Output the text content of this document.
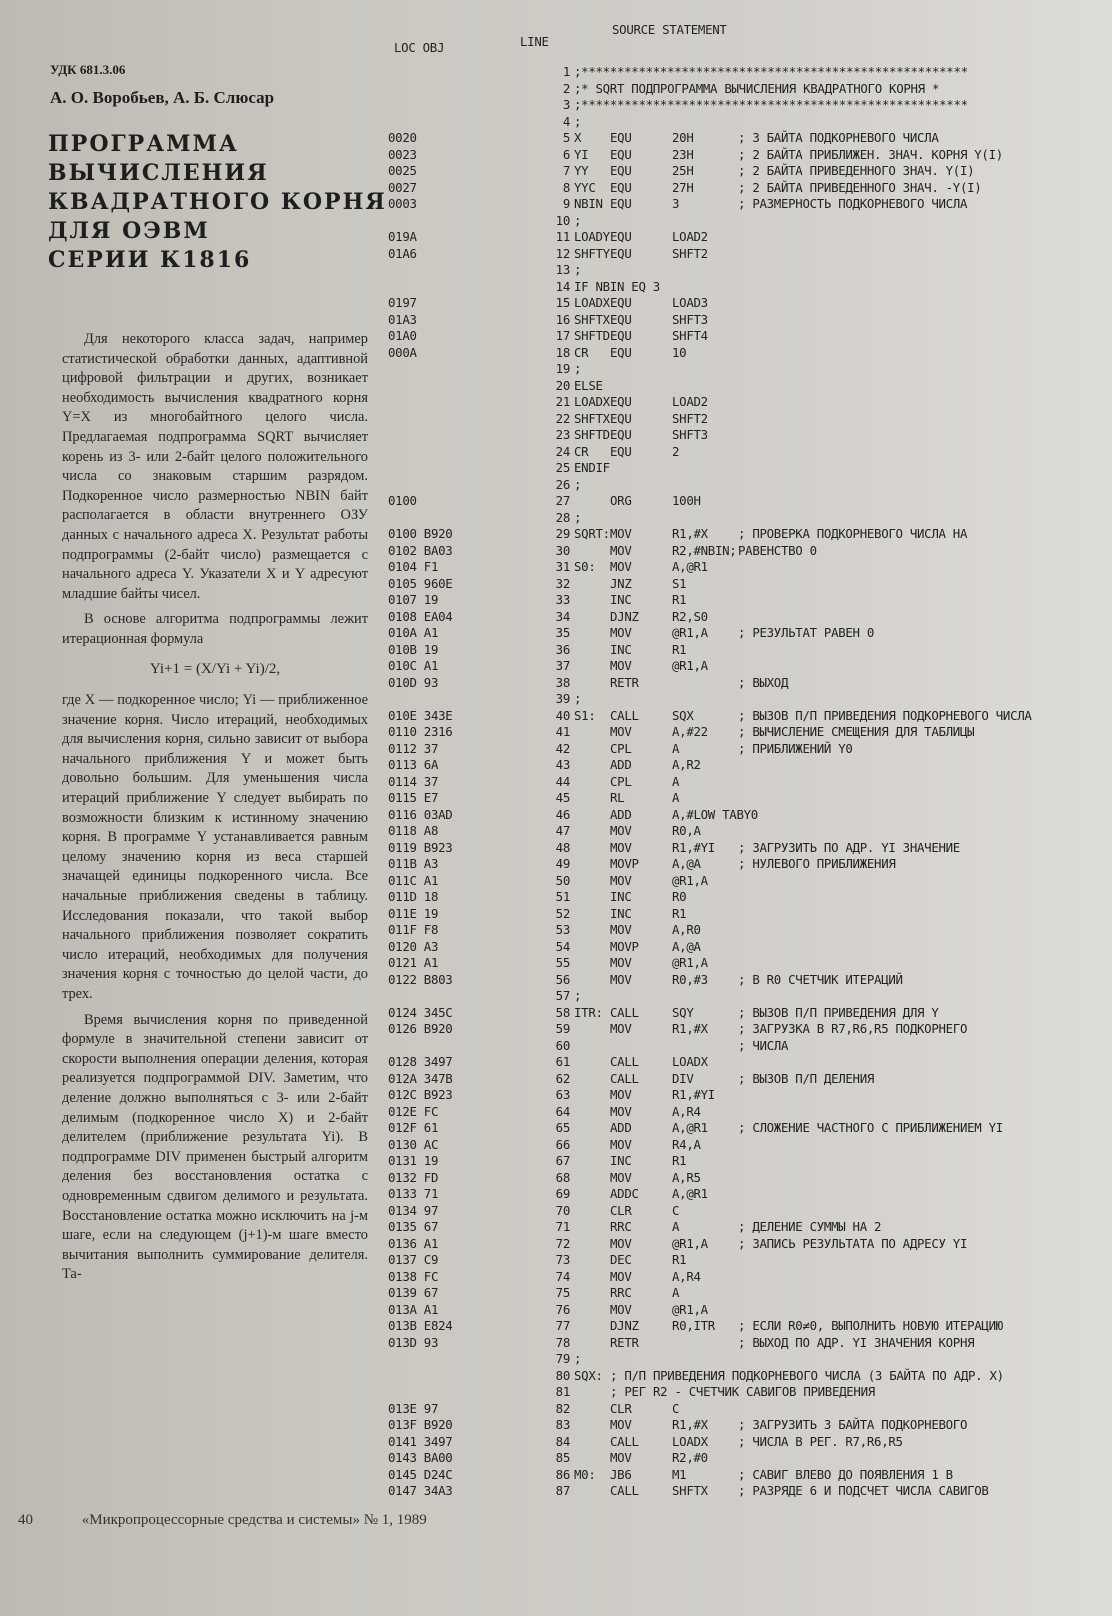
УДК 681.3.06
А. О. Воробьев, А. Б. Слюсар
ПРОГРАММА
ВЫЧИСЛЕНИЯ
КВАДРАТНОГО КОРНЯ
ДЛЯ ОЭВМ
СЕРИИ К1816

Для некоторого класса задач, например статистической обработки данных, адаптивной цифровой фильтрации и других, возникает необходимость вычисления квадратного корня Y=X из многобайтного целого числа. Предлагаемая подпрограмма SQRT вычисляет корень из 3- или 2-байт целого положительного числа со знаковым старшим разрядом. Подкоренное число размерностью NBIN байт располагается в области внутреннего ОЗУ данных с начального адреса X. Результат работы подпрограммы (2-байт число) размещается с начального адреса Y. Указатели X и Y адресуют младшие байты чисел.

В основе алгоритма подпрограммы лежит итерационная формула

Yi+1 = (X/Yi + Yi)/2,

где X — подкоренное число; Yi — приближенное значение корня. Число итераций, необходимых для вычисления корня, сильно зависит от выбора начального приближения Y и может быть довольно большим. Для уменьшения числа итераций приближение Y следует выбирать по возможности близким к истинному значению корня. В программе Y устанавливается равным целому значению корня из веса старшей значащей единицы подкоренного числа. Все начальные приближения сведены в таблицу. Исследования показали, что такой выбор начального приближения позволяет сократить число итераций, необходимых для получения значения корня с точностью до целой части, до трех.

Время вычисления корня по приведенной формуле в значительной степени зависит от скорости выполнения операции деления, которая реализуется подпрограммой DIV. Заметим, что деление должно выполняться с 3- или 2-байт делимым (подкоренное число X) и 2-байт делителем (приближение результата Yi). В подпрограмме DIV применен быстрый алгоритм деления без восстановления остатка с одновременным сдвигом делимого и результата. Восстановление остатка можно исключить на j-м шаге, если на следующем (j+1)-м шаге вместо вычитания выполнить суммирование делителя. Та-

LOC OBJ	LINE
SOURCE STATEMENT
1 ;******************************************************
2 ;* SQRT ПОДПРОГРАММА ВЫЧИСЛЕНИЯ КВАДРАТНОГО КОРНЯ *
3 ;******************************************************
4 ;
0020	5 X EQU	20H	; 3 БАЙТА ПОДКОРНЕВОГО ЧИСЛА
0023	6 YI EQU	23H	; 2 БАЙТА ПРИБЛИЖЕН. ЗНАЧ. КОРНЯ Y(I)
0025	7 YY EQU	25H	; 2 БАЙТА ПРИВЕДЕННОГО ЗНАЧ. Y(I)
0027	8 YYC EQU	27H	; 2 БАЙТА ПРИВЕДЕННОГО ЗНАЧ. -Y(I)
0003	9 NBIN EQU	3	; РАЗМЕРНОСТЬ ПОДКОРНЕВОГО ЧИСЛА
10 ;
019A	11 LOADY EQU	LOAD2
01A6	12 SHFTY EQU	SHFT2
13 ;
14 IF NBIN EQ 3
0197	15 LOADX EQU	LOAD3
01A3	16 SHFTX EQU	SHFT3
01A0	17 SHFTD EQU	SHFT4
000A	18 CR EQU	10
19 ;
20 ELSE
21 LOADX EQU	LOAD2
22 SHFTX EQU	SHFT2
23 SHFTD EQU	SHFT3
24 CR EQU	2
25 ENDIF
26 ;
0100	27	ORG	100H
28 ;
0100 B920	29 SQRT: MOV	R1,#X ; ПРОВЕРКА ПОДКОРНЕВОГО ЧИСЛА НА
0102 BA03	30	MOV	R2,#NBIN; РАВЕНСТВО 0
0104 F1	31 S0: MOV	A,@R1
0105 960E	32	JNZ	S1
0107 19	33	INC	R1
0108 EA04	34	DJNZ	R2,S0
010A A1	35	MOV	@R1,A ; РЕЗУЛЬТАТ РАВЕН 0
010B 19	36	INC	R1
010C A1	37	MOV	@R1,A
010D 93	38	RETR	; ВЫХОД
39 ;
010E 343E	40 S1: CALL	SQX	; ВЫЗОВ П/П ПРИВЕДЕНИЯ ПОДКОРНЕВОГО ЧИСЛА
0110 2316	41	MOV	A,#22 ; ВЫЧИСЛЕНИЕ СМЕЩЕНИЯ ДЛЯ ТАБЛИЦЫ
0112 37	42	CPL	A	; ПРИБЛИЖЕНИЙ Y0
0113 6A	43	ADD	A,R2
0114 37	44	CPL	A
0115 E7	45	RL	A
0116 03AD	46	ADD	A,#LOW TABY0
0118 A8	47	MOV	R0,A
0119 B923	48	MOV	R1,#YI ; ЗАГРУЗИТЬ ПО АДР. YI ЗНАЧЕНИЕ
011B A3	49	MOVP	A,@A	; НУЛЕВОГО ПРИБЛИЖЕНИЯ
011C A1	50	MOV	@R1,A
011D 18	51	INC	R0
011E 19	52	INC	R1
011F F8	53	MOV	A,R0
0120 A3	54	MOVP	A,@A
0121 A1	55	MOV	@R1,A
0122 B803	56	MOV	R0,#3 ; В R0 СЧЕТЧИК ИТЕРАЦИЙ
57 ;
0124 345C	58 ITR: CALL	SQY	; ВЫЗОВ П/П ПРИВЕДЕНИЯ ДЛЯ Y
0126 B920	59	MOV	R1,#X ; ЗАГРУЗКА В R7,R6,R5 ПОДКОРНЕГО
60	; ЧИСЛА
0128 3497	61	CALL	LOADX
012A 347B	62	CALL	DIV	; ВЫЗОВ П/П ДЕЛЕНИЯ
012C B923	63	MOV	R1,#YI
012E FC	64	MOV	A,R4
012F 61	65	ADD	A,@R1 ; СЛОЖЕНИЕ ЧАСТНОГО С ПРИБЛИЖЕНИЕМ YI
0130 AC	66	MOV	R4,A
0131 19	67	INC	R1
0132 FD	68	MOV	A,R5
0133 71	69	ADDC	A,@R1
0134 97	70	CLR	C
0135 67	71	RRC	A	; ДЕЛЕНИЕ СУММЫ НА 2
0136 A1	72	MOV	@R1,A ; ЗАПИСЬ РЕЗУЛЬТАТА ПО АДРЕСУ YI
0137 C9	73	DEC	R1
0138 FC	74	MOV	A,R4
0139 67	75	RRC	A
013A A1	76	MOV	@R1,A
013B E824	77	DJNZ	R0,ITR ; ЕСЛИ R0≠0, ВЫПОЛНИТЬ НОВУЮ ИТЕРАЦИЮ
013D 93	78	RETR	; ВЫХОД ПО АДР. YI ЗНАЧЕНИЯ КОРНЯ
79 ;
80 SQX: ; П/П ПРИВЕДЕНИЯ ПОДКОРНЕВОГО ЧИСЛА (3 БАЙТА ПО АДР. X)
81	; РЕГ R2 - СЧЕТЧИК САВИГОВ ПРИВЕДЕНИЯ
013E 97	82	CLR	C
013F B920	83	MOV	R1,#X ; ЗАГРУЗИТЬ 3 БАЙТА ПОДКОРНЕВОГО
0141 3497	84	CALL	LOADX ; ЧИСЛА В РЕГ. R7,R6,R5
0143 BA00	85	MOV	R2,#0
0145 D24C	86 M0: JB6	M1	; САВИГ ВЛЕВО ДО ПОЯВЛЕНИЯ 1 В
0147 34A3	87	CALL	SHFTX ; РАЗРЯДЕ 6 И ПОДСЧЕТ ЧИСЛА САВИГОВ
40	«Микропроцессорные средства и системы» № 1, 1989
